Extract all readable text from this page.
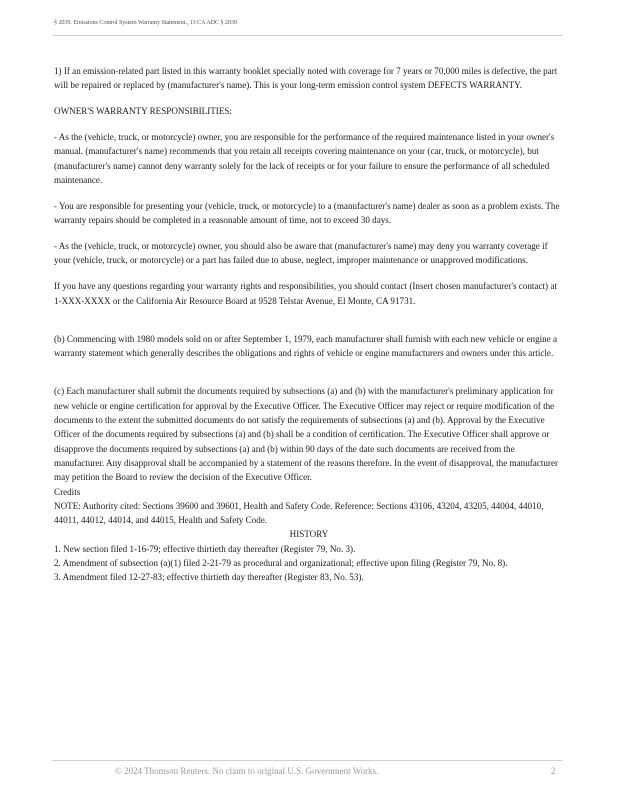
§ 2039. Emissions Control System Warranty Statement., 13 CA ADC § 2039

1) If an emission-related part listed in this warranty booklet specially noted with coverage for 7 years or 70,000 miles is defective, the part will be repaired or replaced by (manufacturer's name). This is your long-term emission control system DEFECTS WARRANTY.

OWNER'S WARRANTY RESPONSIBILITIES:

- As the (vehicle, truck, or motorcycle) owner, you are responsible for the performance of the required maintenance listed in your owner's manual. (manufacturer's name) recommends that you retain all receipts covering maintenance on your (car, truck, or motorcycle), but (manufacturer's name) cannot deny warranty solely for the lack of receipts or for your failure to ensure the performance of all scheduled maintenance.

- You are responsible for presenting your (vehicle, truck, or motorcycle) to a (manufacturer's name) dealer as soon as a problem exists. The warranty repairs should be completed in a reasonable amount of time, not to exceed 30 days.

- As the (vehicle, truck, or motorcycle) owner, you should also be aware that (manufacturer's name) may deny you warranty coverage if your (vehicle, truck, or motorcycle) or a part has failed due to abuse, neglect, improper maintenance or unapproved modifications.

If you have any questions regarding your warranty rights and responsibilities, you should contact (Insert chosen manufacturer's contact) at 1-XXX-XXXX or the California Air Resource Board at 9528 Telstar Avenue, El Monte, CA 91731.

(b) Commencing with 1980 models sold on or after September 1, 1979, each manufacturer shall furnish with each new vehicle or engine a warranty statement which generally describes the obligations and rights of vehicle or engine manufacturers and owners under this article.

(c) Each manufacturer shall submit the documents required by subsections (a) and (b) with the manufacturer's preliminary application for new vehicle or engine certification for approval by the Executive Officer. The Executive Officer may reject or require modification of the documents to the extent the submitted documents do not satisfy the requirements of subsections (a) and (b). Approval by the Executive Officer of the documents required by subsections (a) and (b) shall be a condition of certification. The Executive Officer shall approve or disapprove the documents required by subsections (a) and (b) within 90 days of the date such documents are received from the manufacturer. Any disapproval shall be accompanied by a statement of the reasons therefore. In the event of disapproval, the manufacturer may petition the Board to review the decision of the Executive Officer.

Credits

NOTE: Authority cited: Sections 39600 and 39601, Health and Safety Code. Reference: Sections 43106, 43204, 43205, 44004, 44010, 44011, 44012, 44014, and 44015, Health and Safety Code.

HISTORY

1. New section filed 1-16-79; effective thirtieth day thereafter (Register 79, No. 3).

2. Amendment of subsection (a)(1) filed 2-21-79 as procedural and organizational; effective upon filing (Register 79, No. 8).

3. Amendment filed 12-27-83; effective thirtieth day thereafter (Register 83, No. 53).

© 2024 Thomson Reuters. No claim to original U.S. Government Works.	2
